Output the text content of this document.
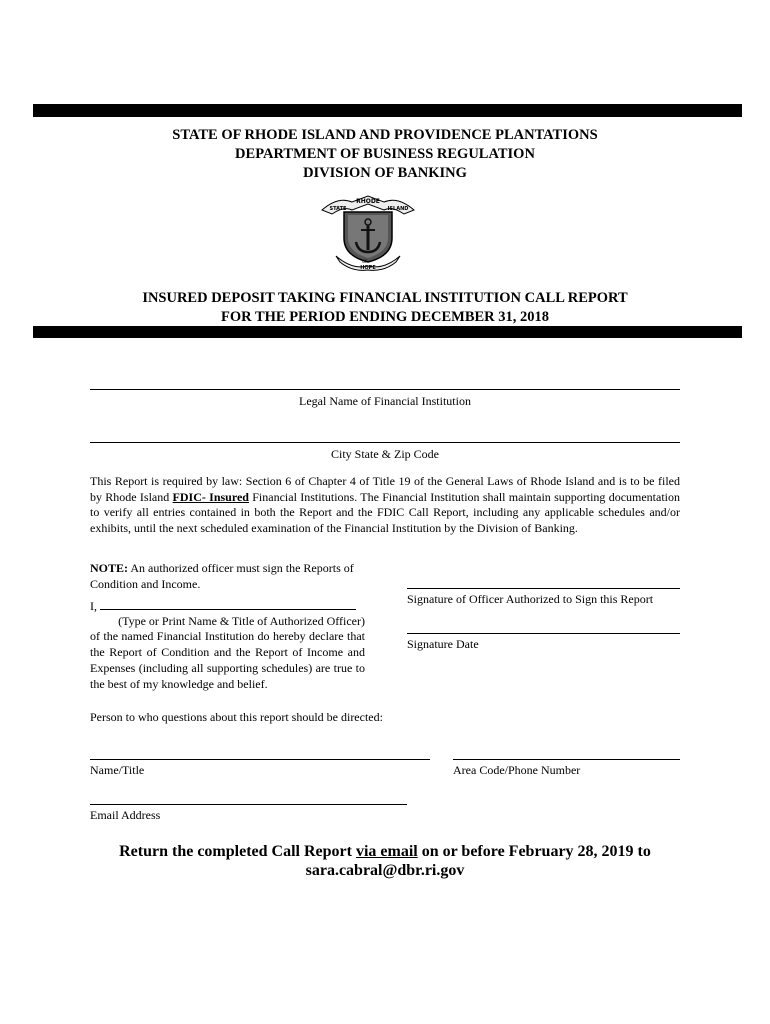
STATE OF RHODE ISLAND AND PROVIDENCE PLANTATIONS
DEPARTMENT OF BUSINESS REGULATION
DIVISION OF BANKING
RHODE
STATE	ISLAND
OF
HOPE
INSURED DEPOSIT TAKING FINANCIAL INSTITUTION CALL REPORT
FOR THE PERIOD ENDING DECEMBER 31, 2018
Legal Name of Financial Institution
City State & Zip Code
This Report is required by law: Section 6 of Chapter 4 of Title 19 of the General Laws of Rhode Island and is to be filed by Rhode Island FDIC- Insured Financial Institutions. The Financial Institution shall maintain supporting documentation to verify all entries contained in both the Report and the FDIC Call Report, including any applicable schedules and/or exhibits, until the next scheduled examination of the Financial Institution by the Division of Banking.
NOTE: An authorized officer must sign the Reports of Condition and Income.
I,
(Type or Print Name & Title of Authorized Officer)
of the named Financial Institution do hereby declare that the Report of Condition and the Report of Income and Expenses (including all supporting schedules) are true to the best of my knowledge and belief.
Signature of Officer Authorized to Sign this Report
Signature Date
Person to who questions about this report should be directed:
Name/Title	Area Code/Phone Number
Email Address
Return the completed Call Report via email on or before February 28, 2019 to
sara.cabral@dbr.ri.gov
